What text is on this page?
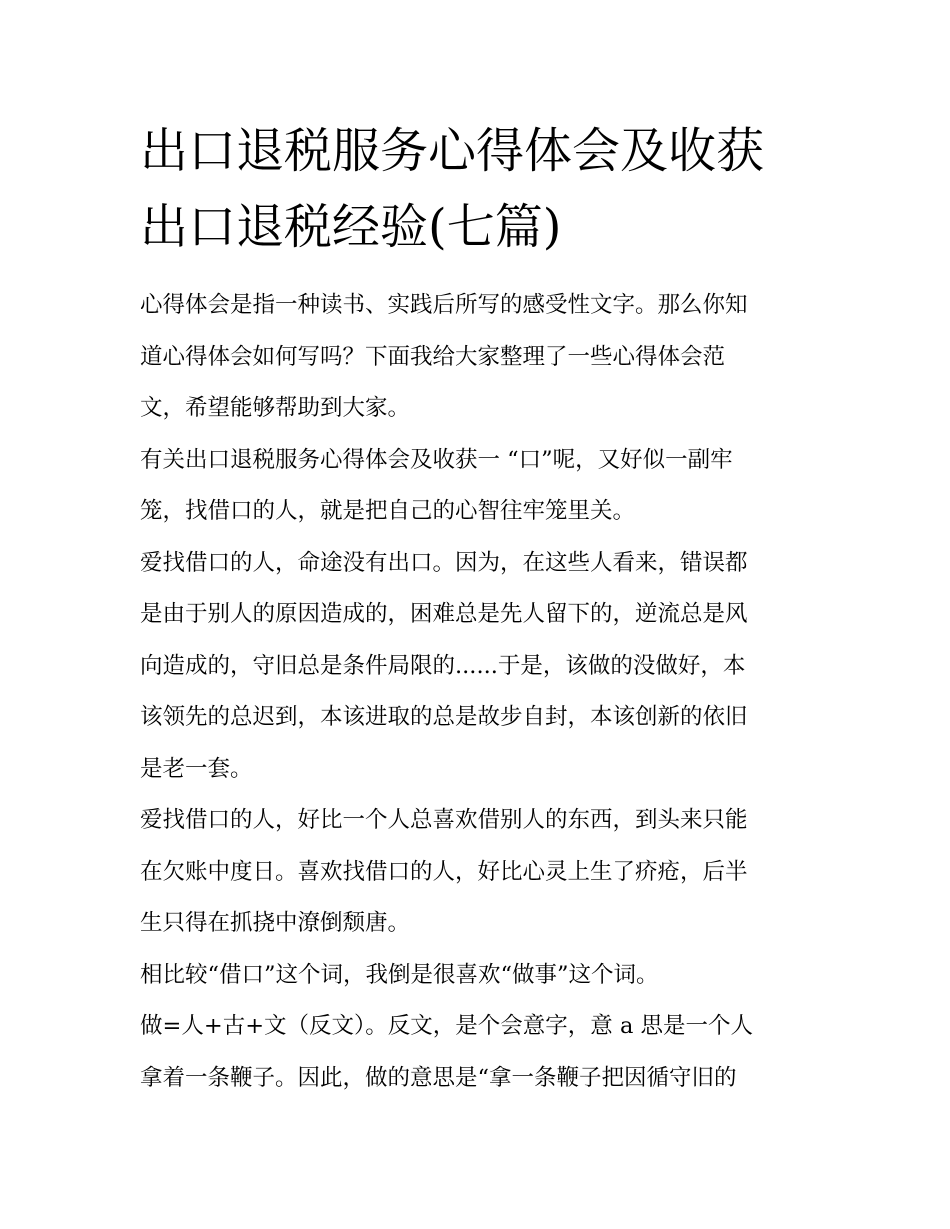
出口退税服务心得体会及收获
出口退税经验(七篇)
心得体会是指一种读书、实践后所写的感受性文字。那么你知
道心得体会如何写吗？下面我给大家整理了一些心得体会范
文，希望能够帮助到大家。
有关出口退税服务心得体会及收获一 “口”呢，又好似一副牢
笼，找借口的人，就是把自己的心智往牢笼里关。
爱找借口的人，命途没有出口。因为，在这些人看来，错误都
是由于别人的原因造成的，困难总是先人留下的，逆流总是风
向造成的，守旧总是条件局限的......于是，该做的没做好，本
该领先的总迟到，本该进取的总是故步自封，本该创新的依旧
是老一套。
爱找借口的人，好比一个人总喜欢借别人的东西，到头来只能
在欠账中度日。喜欢找借口的人，好比心灵上生了疥疮，后半
生只得在抓挠中潦倒颓唐。
相比较“借口”这个词，我倒是很喜欢“做事”这个词。
做=人+古+文（反文）。反文，是个会意字，意 a 思是一个人
拿着一条鞭子。因此，做的意思是“拿一条鞭子把因循守旧的
